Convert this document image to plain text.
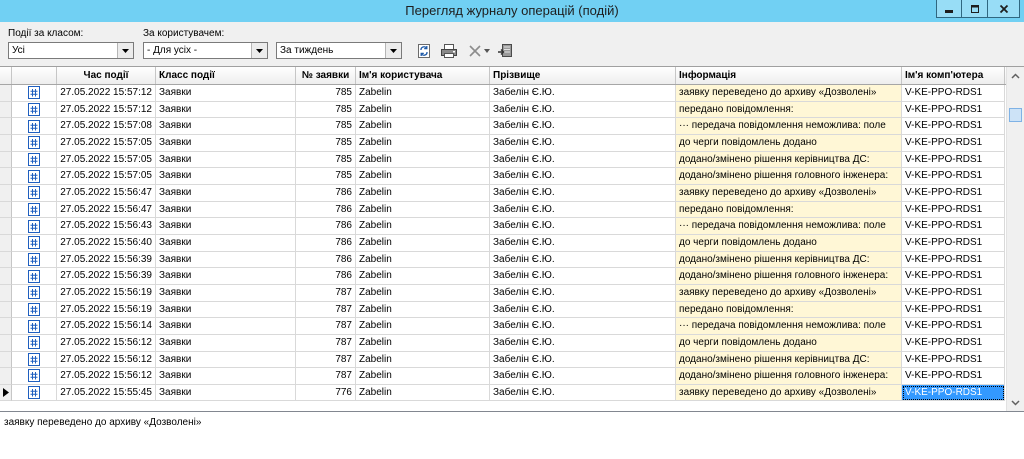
Перегляд журналу операцій (подій)
Події за класом:
Усі
За користувачем:
- Для усіх -	За тиждень
Час події	Класс події	№ заявки Ім'я користувача	Прізвище	Інформація	Ім'я комп'ютера
27.05.2022 15:57:12 Заявки	785 Zabelin	Забелін Є.Ю.	заявку переведено до архиву «Дозволені»	V-KE-PPO-RDS1
27.05.2022 15:57:12 Заявки	785 Zabelin	Забелін Є.Ю.	передано повідомлення:	V-KE-PPO-RDS1
27.05.2022 15:57:08 Заявки	785 Zabelin	Забелін Є.Ю.	··· передача повідомлення неможлива: поле	V-KE-PPO-RDS1
27.05.2022 15:57:05 Заявки	785 Zabelin	Забелін Є.Ю.	до черги повідомлень додано	V-KE-PPO-RDS1
27.05.2022 15:57:05 Заявки	785 Zabelin	Забелін Є.Ю.	додано/змінено рішення керівництва ДС:	V-KE-PPO-RDS1
27.05.2022 15:57:05 Заявки	785 Zabelin	Забелін Є.Ю.	додано/змінено рішення головного інженера:	V-KE-PPO-RDS1
27.05.2022 15:56:47 Заявки	786 Zabelin	Забелін Є.Ю.	заявку переведено до архиву «Дозволені»	V-KE-PPO-RDS1
27.05.2022 15:56:47 Заявки	786 Zabelin	Забелін Є.Ю.	передано повідомлення:	V-KE-PPO-RDS1
27.05.2022 15:56:43 Заявки	786 Zabelin	Забелін Є.Ю.	··· передача повідомлення неможлива: поле	V-KE-PPO-RDS1
27.05.2022 15:56:40 Заявки	786 Zabelin	Забелін Є.Ю.	до черги повідомлень додано	V-KE-PPO-RDS1
27.05.2022 15:56:39 Заявки	786 Zabelin	Забелін Є.Ю.	додано/змінено рішення керівництва ДС:	V-KE-PPO-RDS1
27.05.2022 15:56:39 Заявки	786 Zabelin	Забелін Є.Ю.	додано/змінено рішення головного інженера:	V-KE-PPO-RDS1
27.05.2022 15:56:19 Заявки	787 Zabelin	Забелін Є.Ю.	заявку переведено до архиву «Дозволені»	V-KE-PPO-RDS1
27.05.2022 15:56:19 Заявки	787 Zabelin	Забелін Є.Ю.	передано повідомлення:	V-KE-PPO-RDS1
27.05.2022 15:56:14 Заявки	787 Zabelin	Забелін Є.Ю.	··· передача повідомлення неможлива: поле	V-KE-PPO-RDS1
27.05.2022 15:56:12 Заявки	787 Zabelin	Забелін Є.Ю.	до черги повідомлень додано	V-KE-PPO-RDS1
27.05.2022 15:56:12 Заявки	787 Zabelin	Забелін Є.Ю.	додано/змінено рішення керівництва ДС:	V-KE-PPO-RDS1
27.05.2022 15:56:12 Заявки	787 Zabelin	Забелін Є.Ю.	додано/змінено рішення головного інженера:	V-KE-PPO-RDS1
27.05.2022 15:55:45 Заявки	776 Zabelin	Забелін Є.Ю.	заявку переведено до архиву «Дозволені»	V-KE-PPO-RDS1
заявку переведено до архиву «Дозволені»
